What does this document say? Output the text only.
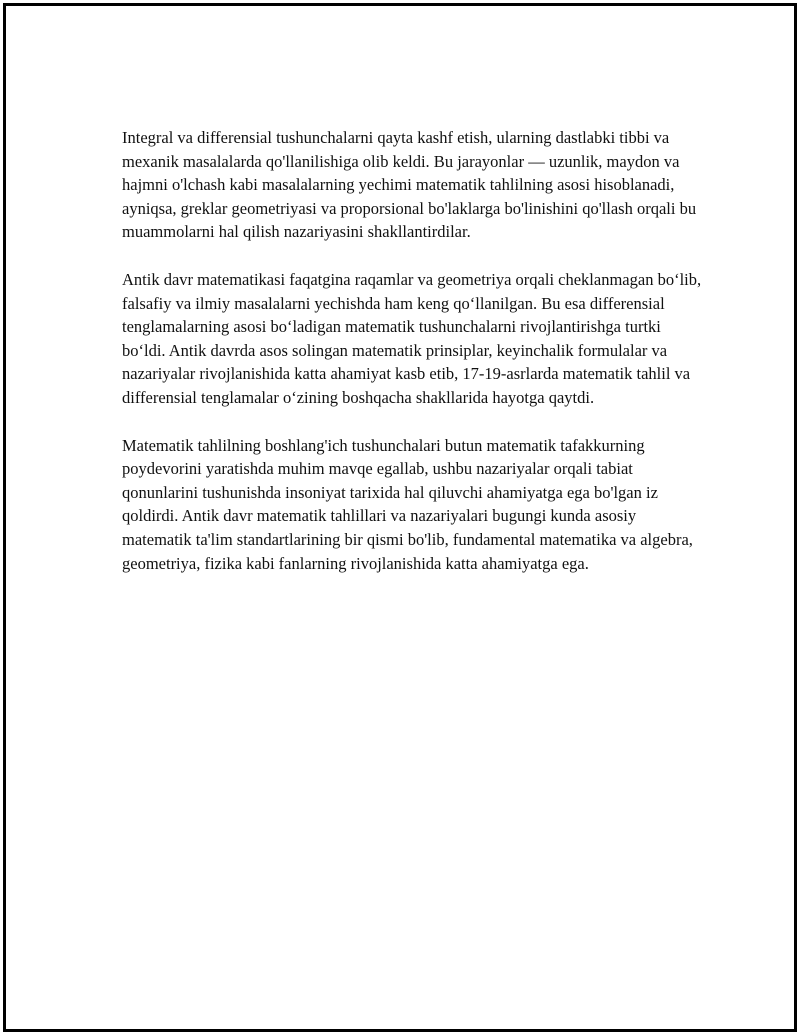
Integral va differensial tushunchalarni qayta kashf etish, ularning dastlabki tibbi va mexanik masalalarda qo'llanilishiga olib keldi. Bu jarayonlar — uzunlik, maydon va hajmni o'lchash kabi masalalarning yechimi matematik tahlilning asosi hisoblanadi, ayniqsa, greklar geometriyasi va proporsional bo'laklarga bo'linishini qo'llash orqali bu muammolarni hal qilish nazariyasini shakllantirdilar.

Antik davr matematikasi faqatgina raqamlar va geometriya orqali cheklanmagan bo‘lib, falsafiy va ilmiy masalalarni yechishda ham keng qo‘llanilgan. Bu esa differensial tenglamalarning asosi bo‘ladigan matematik tushunchalarni rivojlantirishga turtki bo‘ldi. Antik davrda asos solingan matematik prinsiplar, keyinchalik formulalar va nazariyalar rivojlanishida katta ahamiyat kasb etib, 17-19-asrlarda matematik tahlil va differensial tenglamalar o‘zining boshqacha shakllarida hayotga qaytdi.

Matematik tahlilning boshlang'ich tushunchalari butun matematik tafakkurning poydevorini yaratishda muhim mavqe egallab, ushbu nazariyalar orqali tabiat qonunlarini tushunishda insoniyat tarixida hal qiluvchi ahamiyatga ega bo'lgan iz qoldirdi. Antik davr matematik tahlillari va nazariyalari bugungi kunda asosiy matematik ta'lim standartlarining bir qismi bo'lib, fundamental matematika va algebra, geometriya, fizika kabi fanlarning rivojlanishida katta ahamiyatga ega.
